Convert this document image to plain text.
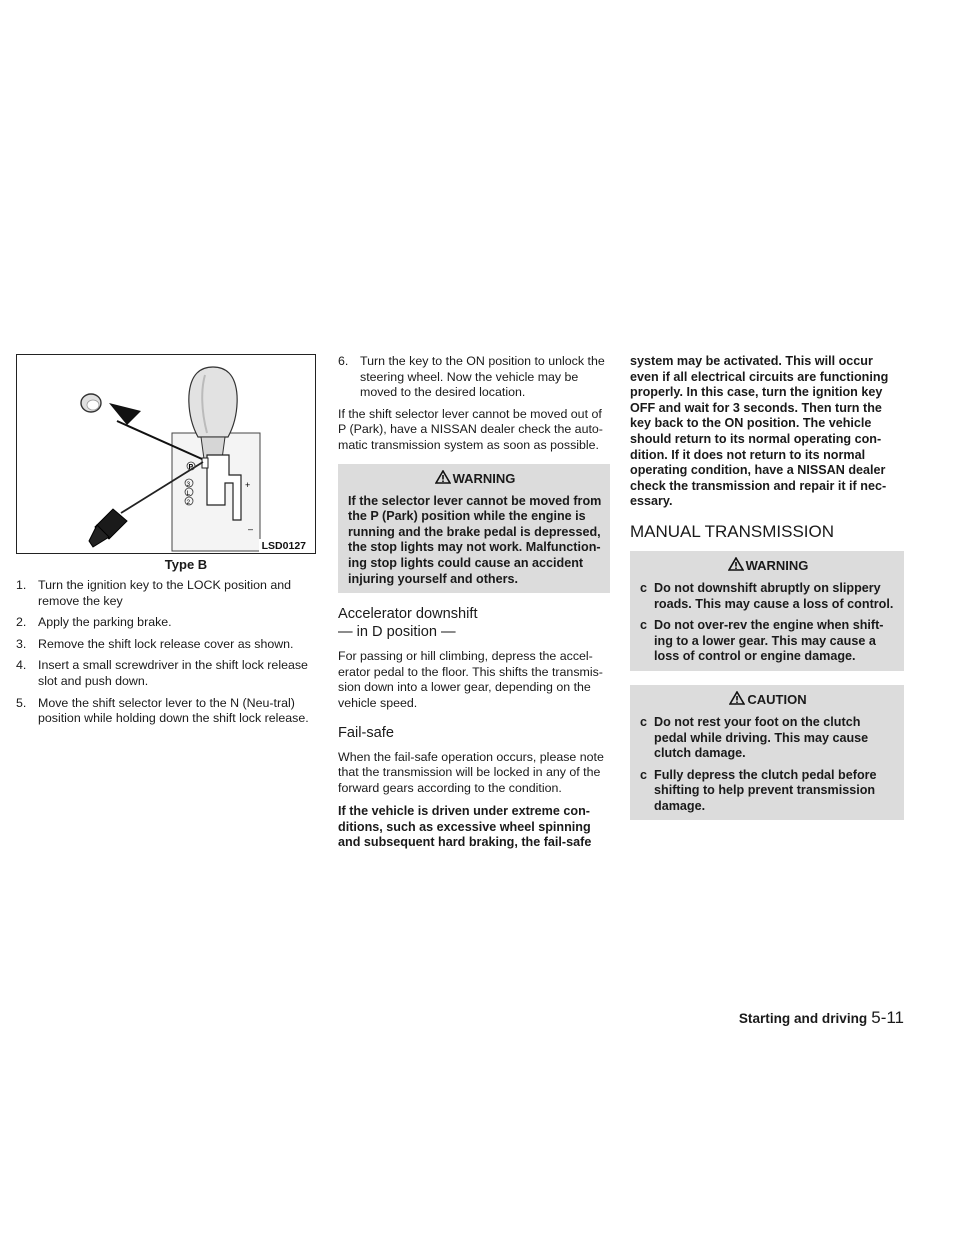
P
3
L
2
+
–
LSD0127
Type B
1. Turn the ignition key to the LOCK position and remove the key
2. Apply the parking brake.
3. Remove the shift lock release cover as shown.
4. Insert a small screwdriver in the shift lock release slot and push down.
5. Move the shift selector lever to the N (Neu-tral) position while holding down the shift lock release.
6. Turn the key to the ON position to unlock the steering wheel. Now the vehicle may be moved to the desired location.

If the shift selector lever cannot be moved out of P (Park), have a NISSAN dealer check the auto-matic transmission system as soon as possible.

WARNING

If the selector lever cannot be moved from the P (Park) position while the engine is running and the brake pedal is depressed, the stop lights may not work. Malfunction-ing stop lights could cause an accident injuring yourself and others.

Accelerator downshift
— in D position —

For passing or hill climbing, depress the accel-erator pedal to the floor. This shifts the transmis-sion down into a lower gear, depending on the vehicle speed.

Fail-safe

When the fail-safe operation occurs, please note that the transmission will be locked in any of the forward gears according to the condition.

If the vehicle is driven under extreme con-ditions, such as excessive wheel spinning and subsequent hard braking, the fail-safe

system may be activated. This will occur even if all electrical circuits are functioning properly. In this case, turn the ignition key OFF and wait for 3 seconds. Then turn the key back to the ON position. The vehicle should return to its normal operating con-dition. If it does not return to its normal operating condition, have a NISSAN dealer check the transmission and repair it if nec-essary.

MANUAL TRANSMISSION
WARNING
c Do not downshift abruptly on slippery roads. This may cause a loss of control.
c Do not over-rev the engine when shift-ing to a lower gear. This may cause a loss of control or engine damage.
CAUTION
c Do not rest your foot on the clutch pedal while driving. This may cause clutch damage.
c Fully depress the clutch pedal before shifting to help prevent transmission damage.
Starting and driving 5-11
